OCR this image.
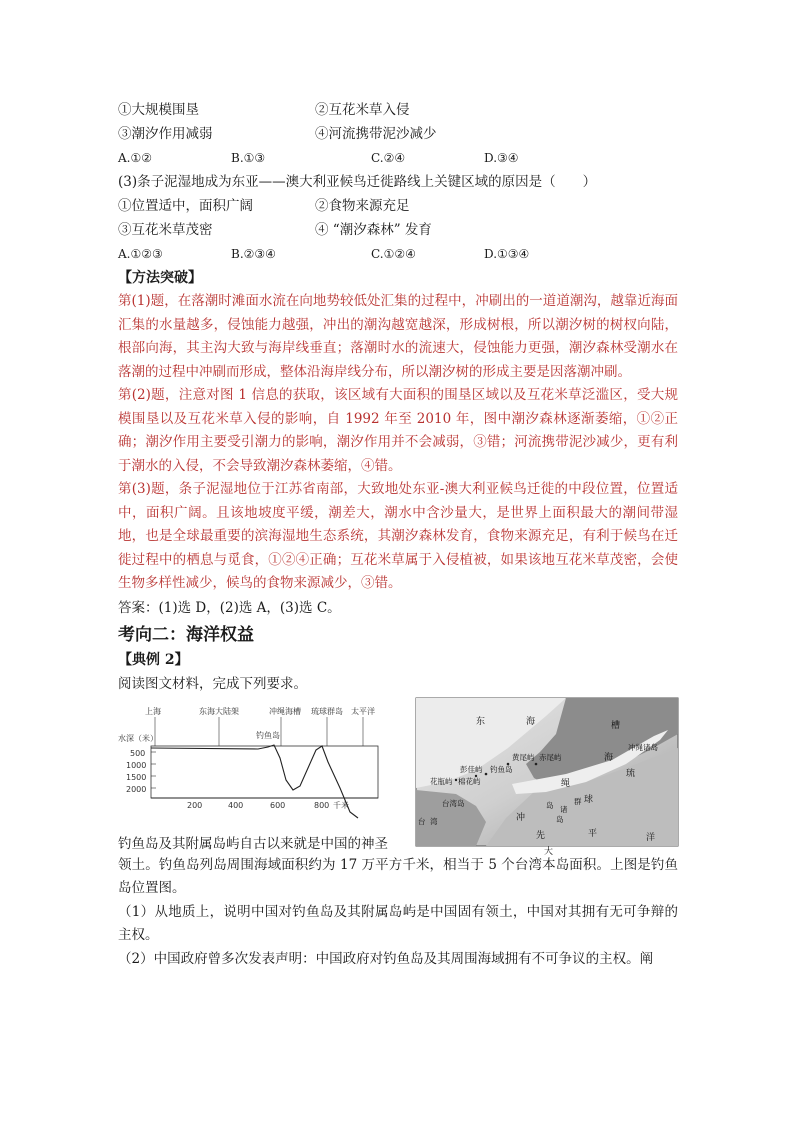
①大规模围垦	②互花米草入侵
③潮汐作用减弱	④河流携带泥沙减少
A.①②	B.①③	C.②④	D.③④
(3)条子泥湿地成为东亚——澳大利亚候鸟迁徙路线上关键区域的原因是（　　）
①位置适中，面积广阔	②食物来源充足
③互花米草茂密	④ “潮汐森林” 发育
A.①②③	B.②③④	C.①②④	D.①③④
【方法突破】

第(1)题，在落潮时滩面水流在向地势较低处汇集的过程中，冲刷出的一道道潮沟，越靠近海面汇集的水量越多，侵蚀能力越强，冲出的潮沟越宽越深，形成树根，所以潮汐树的树杈向陆，根部向海，其主沟大致与海岸线垂直；落潮时水的流速大，侵蚀能力更强，潮汐森林受潮水在落潮的过程中冲刷而形成，整体沿海岸线分布，所以潮汐树的形成主要是因落潮冲刷。

第(2)题，注意对图 1 信息的获取，该区域有大面积的围垦区域以及互花米草泛滥区，受大规模围垦以及互花米草入侵的影响，自 1992 年至 2010 年，图中潮汐森林逐渐萎缩，①②正确；潮汐作用主要受引潮力的影响，潮汐作用并不会减弱，③错；河流携带泥沙减少，更有利于潮水的入侵，不会导致潮汐森林萎缩，④错。

第(3)题，条子泥湿地位于江苏省南部，大致地处东亚-澳大利亚候鸟迁徙的中段位置，位置适中，面积广阔。且该地坡度平缓，潮差大，潮水中含沙量大，是世界上面积最大的潮间带湿地，也是全球最重要的滨海湿地生态系统，其潮汐森林发育，食物来源充足，有利于候鸟在迁徙过程中的栖息与觅食，①②④正确；互花米草属于入侵植被，如果该地互花米草茂密，会使生物多样性减少，候鸟的食物来源减少，③错。

答案：(1)选 D，(2)选 A，(3)选 C。
考向二：海洋权益
【典例 2】
阅读图文材料，完成下列要求。
上海	东海大陆架	冲绳海槽 琉球群岛 太平洋
钓鱼岛
水深（米）
500
1000
1500
2000
200	400	600	800 千米
东	海	槽
海
琉
球
冲
绳
先	平	洋
大
冲绳诸岛
黄尾屿 赤尾屿
彭佳屿 钓鱼岛
花瓶屿 棉花屿
台湾岛	岛 诸
群
岛
台 湾
钓鱼岛及其附属岛屿自古以来就是中国的神圣

领土。钓鱼岛列岛周围海域面积约为 17 万平方千米，相当于 5 个台湾本岛面积。上图是钓鱼岛位置图。

（1）从地质上，说明中国对钓鱼岛及其附属岛屿是中国固有领土，中国对其拥有无可争辩的主权。

（2）中国政府曾多次发表声明：中国政府对钓鱼岛及其周围海域拥有不可争议的主权。阐
